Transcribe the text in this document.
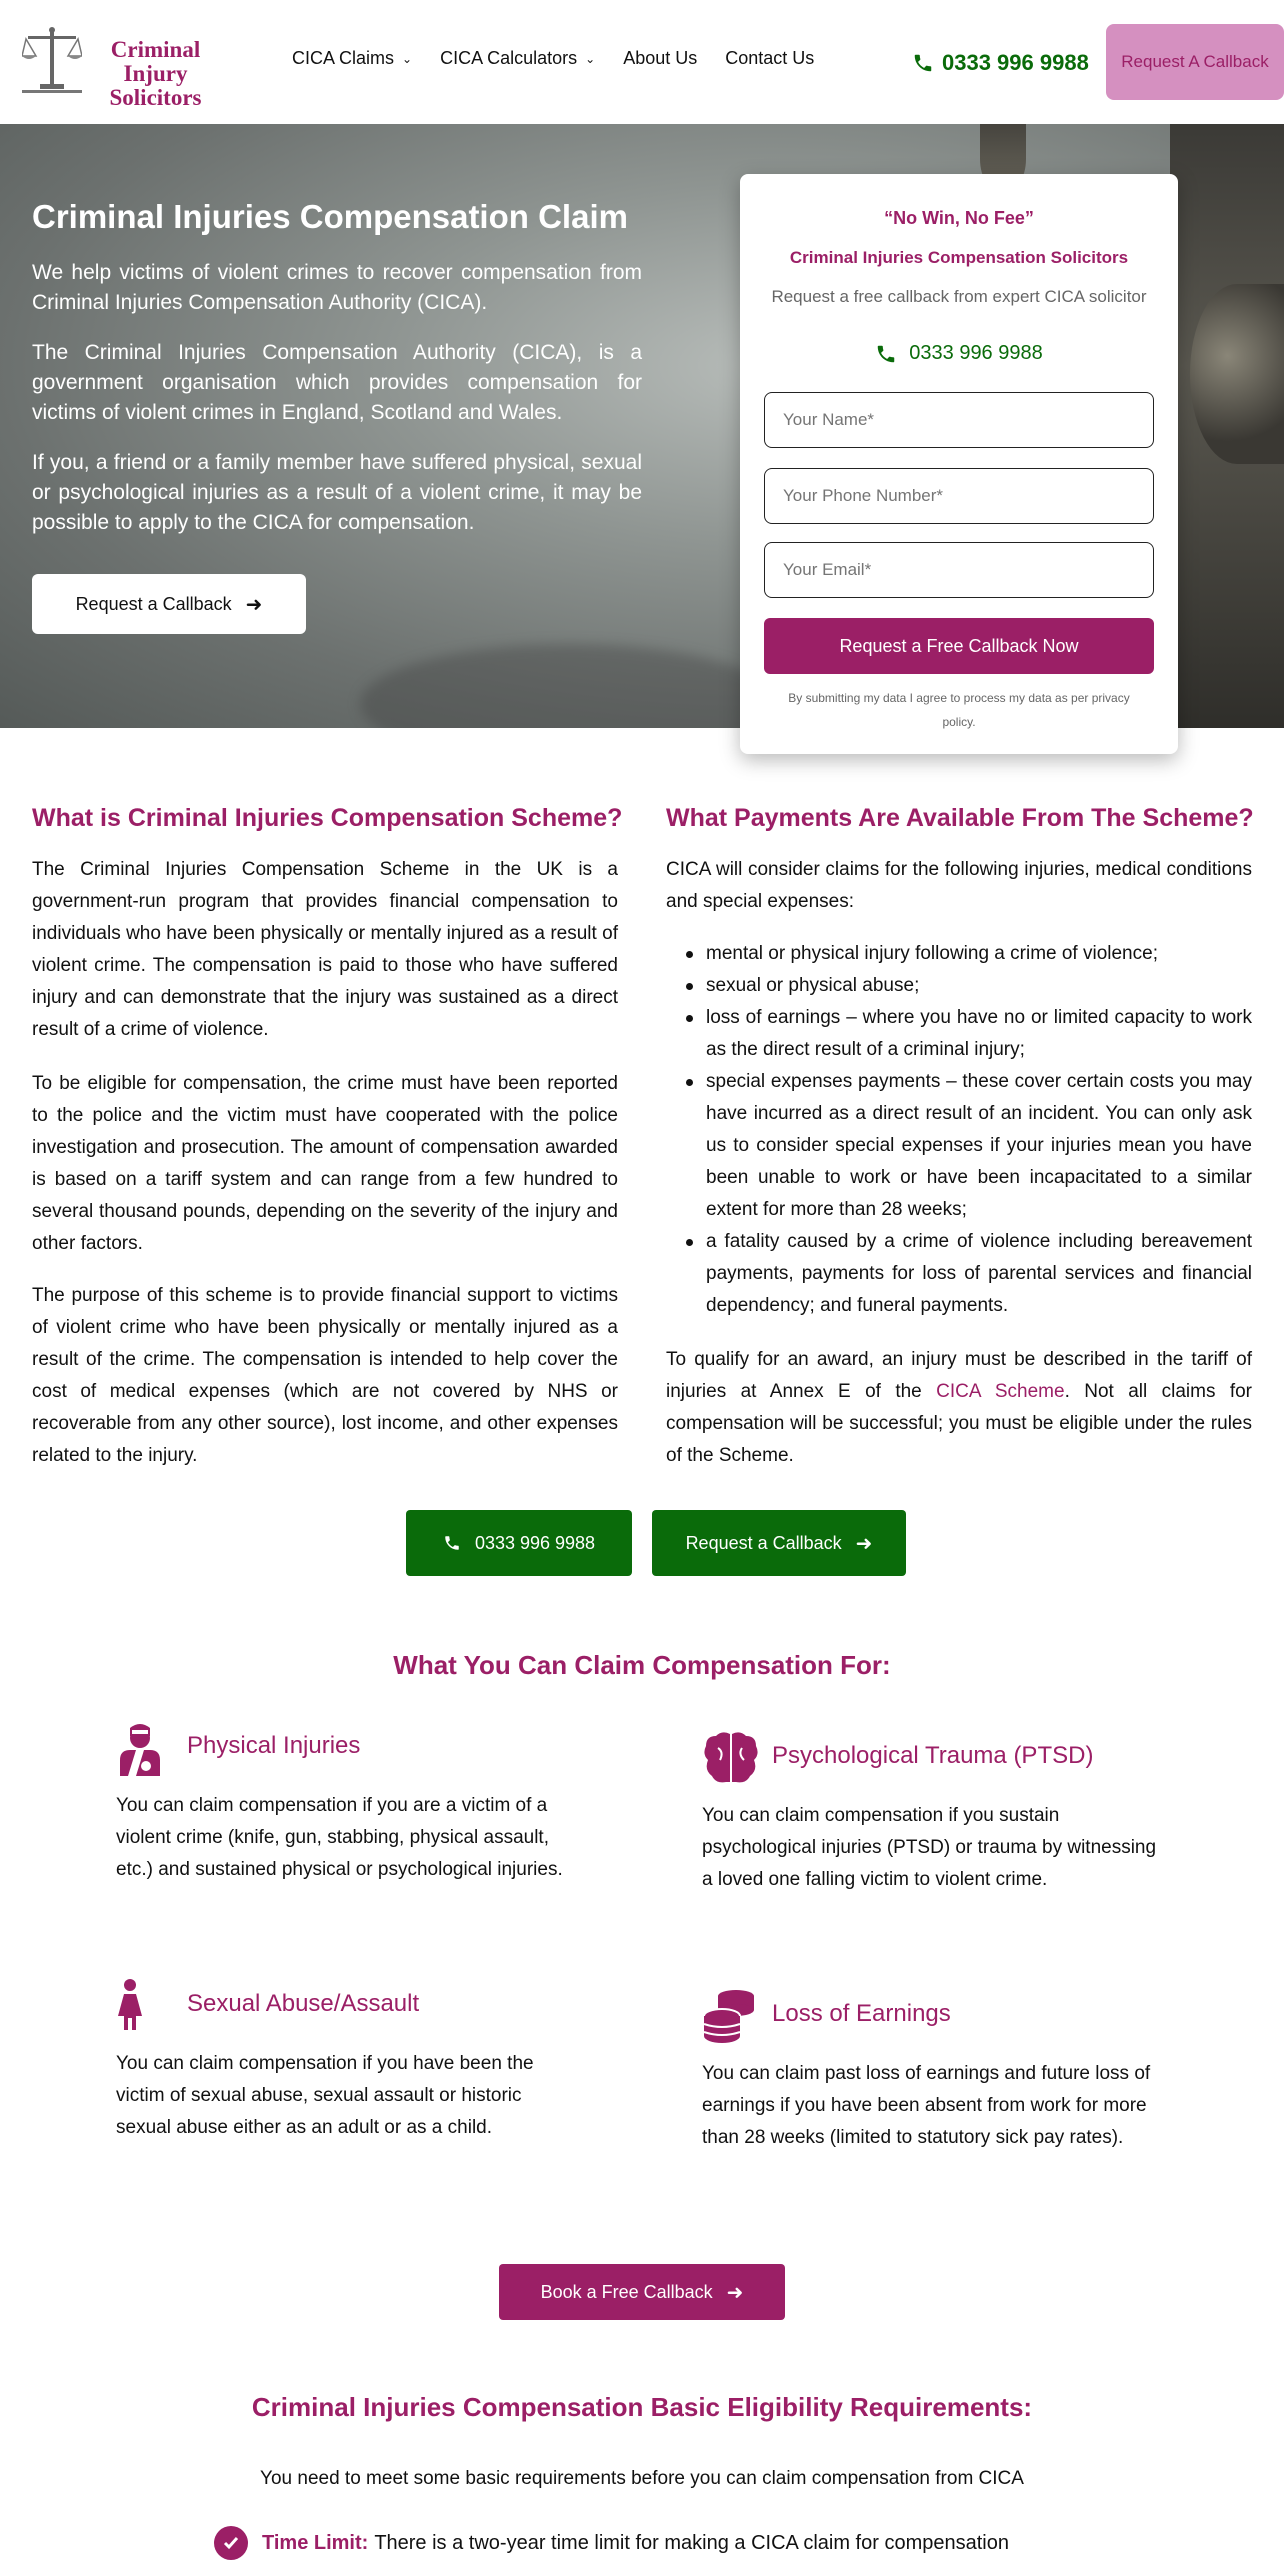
Criminal Injury
Solicitors
CICA Claims ⌄ CICA Calculators ⌄ About Us Contact Us	0333 996 9988	Request A Callback
Criminal Injuries Compensation Claim

We help victims of violent crimes to recover compensation from Criminal Injuries Compensation Authority (CICA).

The Criminal Injuries Compensation Authority (CICA), is a government organisation which provides compensation for victims of violent crimes in England, Scotland and Wales.

If you, a friend or a family member have suffered physical, sexual or psychological injuries as a result of a violent crime, it may be possible to apply to the CICA for compensation.

Request a Callback ➜
“No Win, No Fee”
Criminal Injuries Compensation Solicitors
Request a free callback from expert CICA solicitor
0333 996 9988
Your Name*
Your Phone Number*
Your Email*
Request a Free Callback Now
By submitting my data I agree to process my data as per privacy policy.
What is Criminal Injuries Compensation Scheme?

The Criminal Injuries Compensation Scheme in the UK is a government-run program that provides financial compensation to individuals who have been physically or mentally injured as a result of violent crime. The compensation is paid to those who have suffered injury and can demonstrate that the injury was sustained as a direct result of a crime of violence.

To be eligible for compensation, the crime must have been reported to the police and the victim must have cooperated with the police investigation and prosecution. The amount of compensation awarded is based on a tariff system and can range from a few hundred to several thousand pounds, depending on the severity of the injury and other factors.

The purpose of this scheme is to provide financial support to victims of violent crime who have been physically or mentally injured as a result of the crime. The compensation is intended to help cover the cost of medical expenses (which are not covered by NHS or recoverable from any other source), lost income, and other expenses related to the injury.

What Payments Are Available From The Scheme?

CICA will consider claims for the following injuries, medical conditions and special expenses:

mental or physical injury following a crime of violence;
sexual or physical abuse;
loss of earnings – where you have no or limited capacity to work as the direct result of a criminal injury;
special expenses payments – these cover certain costs you may have incurred as a direct result of an incident. You can only ask us to consider special expenses if your injuries mean you have been unable to work or have been incapacitated to a similar extent for more than 28 weeks;
a fatality caused by a crime of violence including bereavement payments, payments for loss of parental services and financial dependency; and funeral payments.

To qualify for an award, an injury must be described in the tariff of injuries at Annex E of the CICA Scheme. Not all claims for compensation will be successful; you must be eligible under the rules of the Scheme.

0333 996 9988	Request a Callback ➜
What You Can Claim Compensation For:
Physical Injuries

You can claim compensation if you are a victim of a violent crime (knife, gun, stabbing, physical assault, etc.) and sustained physical or psychological injuries.

Psychological Trauma (PTSD)

You can claim compensation if you sustain psychological injuries (PTSD) or trauma by witnessing a loved one falling victim to violent crime.

Sexual Abuse/Assault

You can claim compensation if you have been the victim of sexual abuse, sexual assault or historic sexual abuse either as an adult or as a child.

Loss of Earnings

You can claim past loss of earnings and future loss of earnings if you have been absent from work for more than 28 weeks (limited to statutory sick pay rates).

Book a Free Callback ➜
Criminal Injuries Compensation Basic Eligibility Requirements:

You need to meet some basic requirements before you can claim compensation from CICA

Time Limit: There is a two-year time limit for making a CICA claim for compensation
